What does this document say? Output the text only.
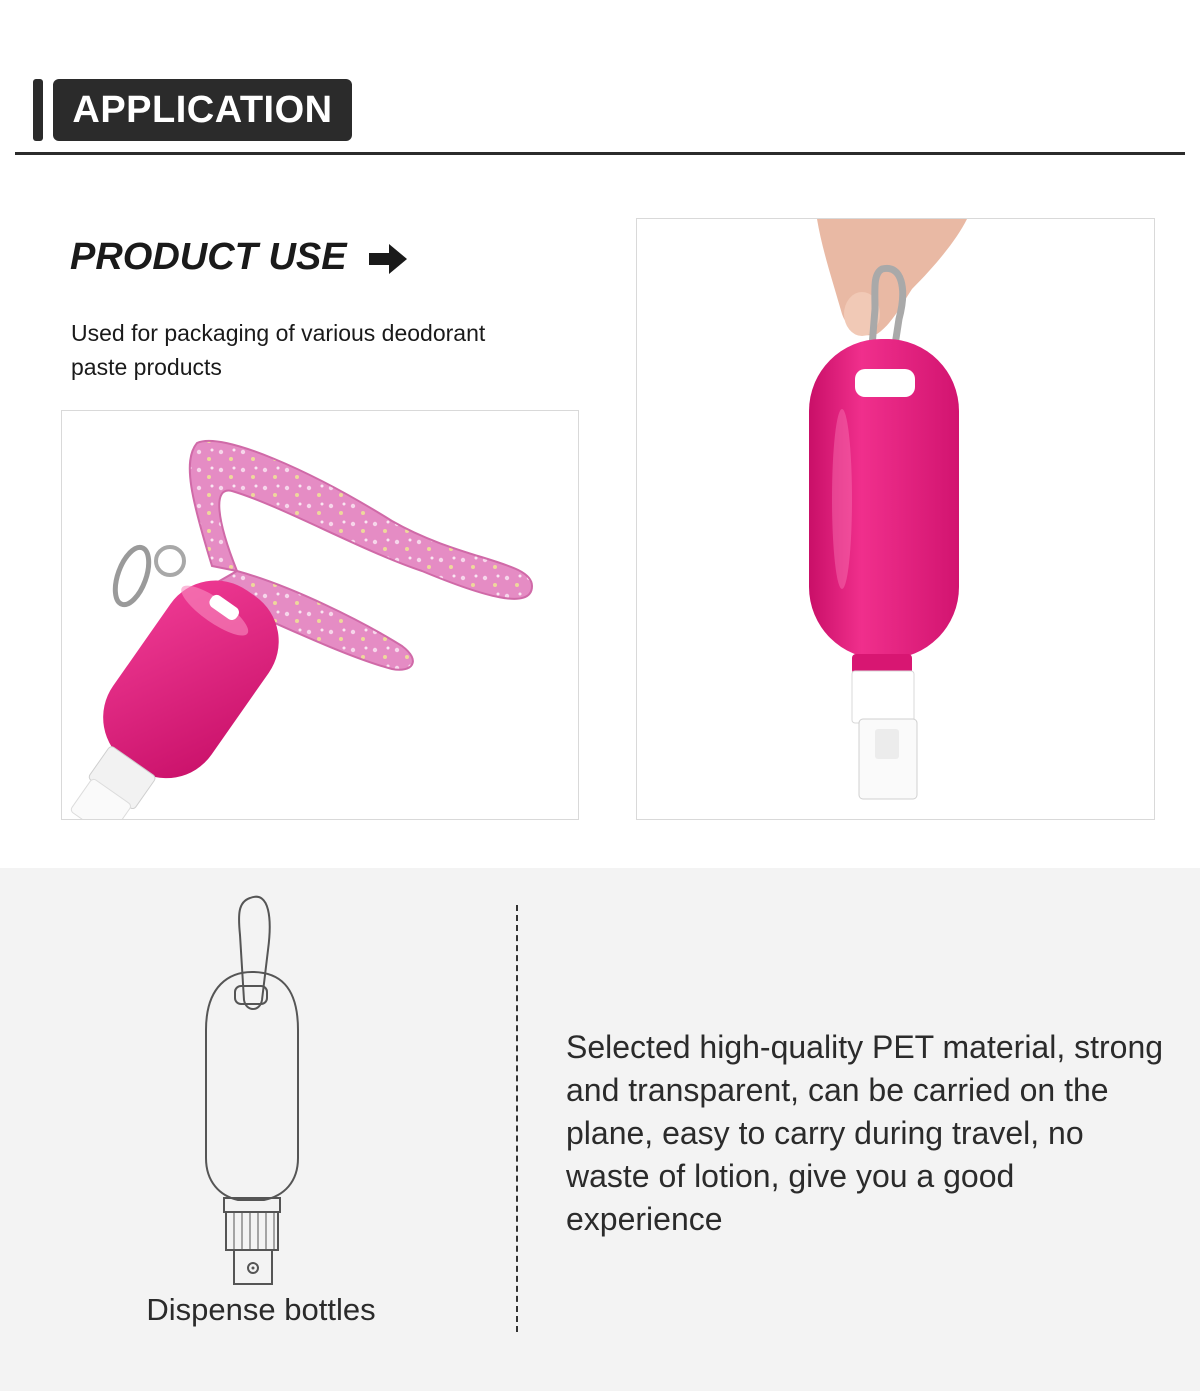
APPLICATION
PRODUCT USE
Used for packaging of various deodorant paste products
Dispense bottles
Selected high-quality PET material, strong and transparent, can be carried on the plane, easy to carry during travel, no waste of lotion, give you a good experience
